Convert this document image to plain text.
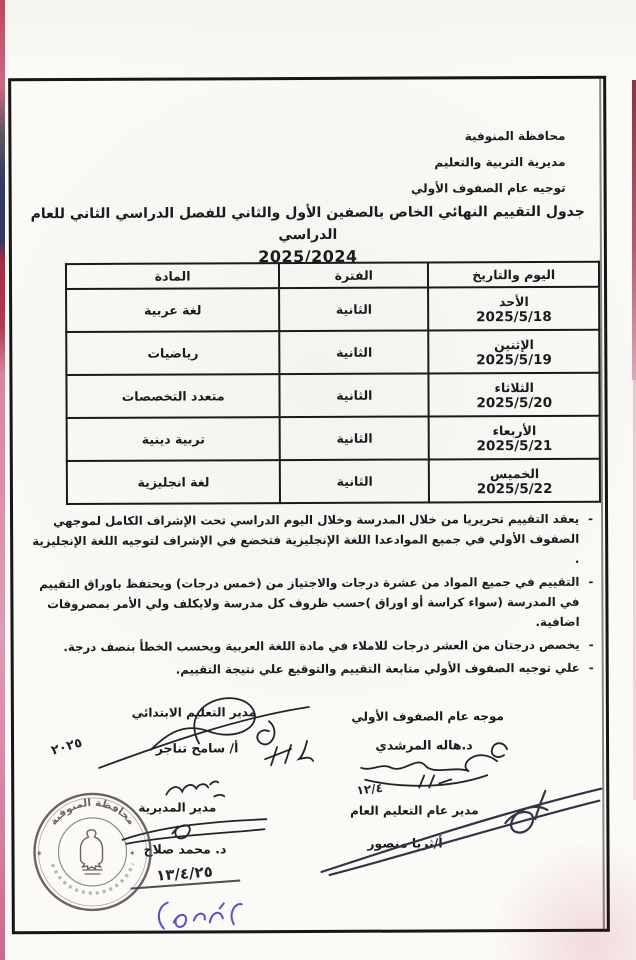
محافظة المنوفية
مديرية التربية والتعليم
توجيه عام الصفوف الأولي
جدول التقييم النهائي الخاص بالصفين الأول والثاني للفصل الدراسي الثاني للعام الدراسي
2025/2024
اليوم والتاريخ	الفترة	المادة

الأحد
2025/5/18	الثانية	لغة عربية

الإثنين
2025/5/19	الثانية	رياضيات

الثلاثاء
2025/5/20	الثانية	متعدد التخصصات

الأربعاء
2025/5/21	الثانية	تربية دينية

الخميس
2025/5/22	الثانية	لغة انجليزية
-
يعقد التقييم تحريريا من خلال المدرسة وخلال اليوم الدراسي تحت الإشراف الكامل لموجهي الصفوف الأولي في جميع الموادعدا اللغة الإنجليزية فتخضع في الإشراف لتوجيه اللغة الإنجليزية .
-
التقييم في جميع المواد من عشرة درجات والاجتياز من (خمس درجات) ويحتفظ باوراق التقييم في المدرسة (سواء كراسة أو اوراق )حسب ظروف كل مدرسة ولايكلف ولي الأمر بمصروفات اضافية.
-
يخصص درجتان من العشر درجات للاملاء في مادة اللغة العربية ويحسب الخطأ بنصف درجة.
-
علي توجيه الصفوف الأولي متابعة التقييم والتوقيع علي نتيجة التقييم.
موجه عام الصفوف الأولي
د.هاله المرشدي
١٢/٤
مدير عام التعليم العام
أ/ثريا منصور
مدير التعليم الابتدائي
أ/ سامح تناجر
٢٠٢٥
مدير المديرية
د. محمد صلاح
١٣/٤/٢٥
محافظة المنوفية
✶	✶
